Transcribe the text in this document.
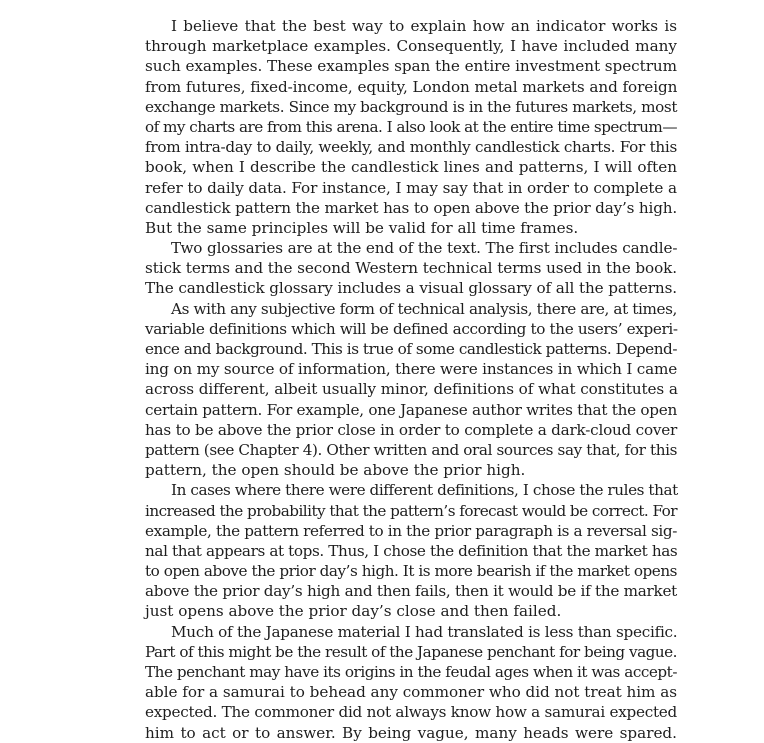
I believe that the best way to explain how an indicator works is
through marketplace examples. Consequently, I have included many
such examples. These examples span the entire investment spectrum
from futures, fixed-income, equity, London metal markets and foreign
exchange markets. Since my background is in the futures markets, most
of my charts are from this arena. I also look at the entire time spectrum—
from intra-day to daily, weekly, and monthly candlestick charts. For this
book, when I describe the candlestick lines and patterns, I will often
refer to daily data. For instance, I may say that in order to complete a
candlestick pattern the market has to open above the prior day’s high.
But the same principles will be valid for all time frames.
Two glossaries are at the end of the text. The first includes candle-
stick terms and the second Western technical terms used in the book.
The candlestick glossary includes a visual glossary of all the patterns.
As with any subjective form of technical analysis, there are, at times,
variable definitions which will be defined according to the users’ experi-
ence and background. This is true of some candlestick patterns. Depend-
ing on my source of information, there were instances in which I came
across different, albeit usually minor, definitions of what constitutes a
certain pattern. For example, one Japanese author writes that the open
has to be above the prior close in order to complete a dark-cloud cover
pattern (see Chapter 4). Other written and oral sources say that, for this
pattern, the open should be above the prior high.
In cases where there were different definitions, I chose the rules that
increased the probability that the pattern’s forecast would be correct. For
example, the pattern referred to in the prior paragraph is a reversal sig-
nal that appears at tops. Thus, I chose the definition that the market has
to open above the prior day’s high. It is more bearish if the market opens
above the prior day’s high and then fails, then it would be if the market
just opens above the prior day’s close and then failed.
Much of the Japanese material I had translated is less than specific.
Part of this might be the result of the Japanese penchant for being vague.
The penchant may have its origins in the feudal ages when it was accept-
able for a samurai to behead any commoner who did not treat him as
expected. The commoner did not always know how a samurai expected
him to act or to answer. By being vague, many heads were spared.
